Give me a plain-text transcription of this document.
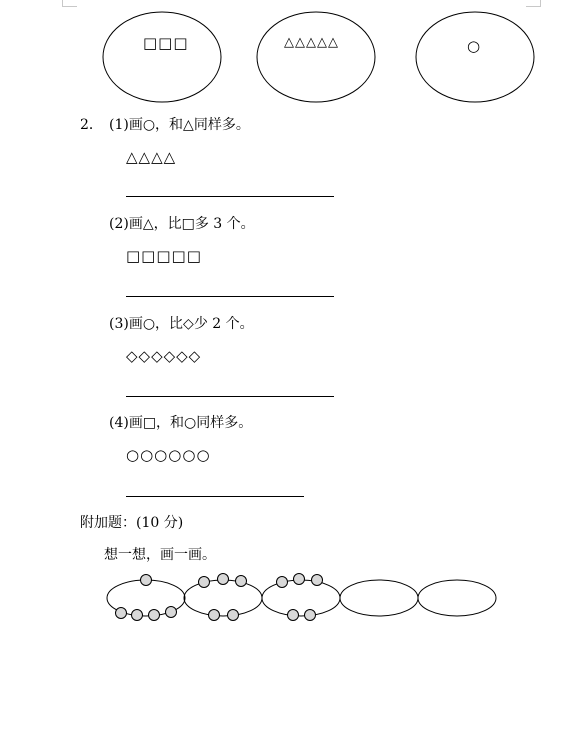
□□□	△△△△△	○
2． (1)画○，和△同样多。
△△△△
(2)画△，比□多 3 个。
□□□□□
(3)画○，比◇少 2 个。
◇◇◇◇◇◇
(4)画□，和○同样多。
○○○○○○
附加题：(10 分)
想一想，画一画。
